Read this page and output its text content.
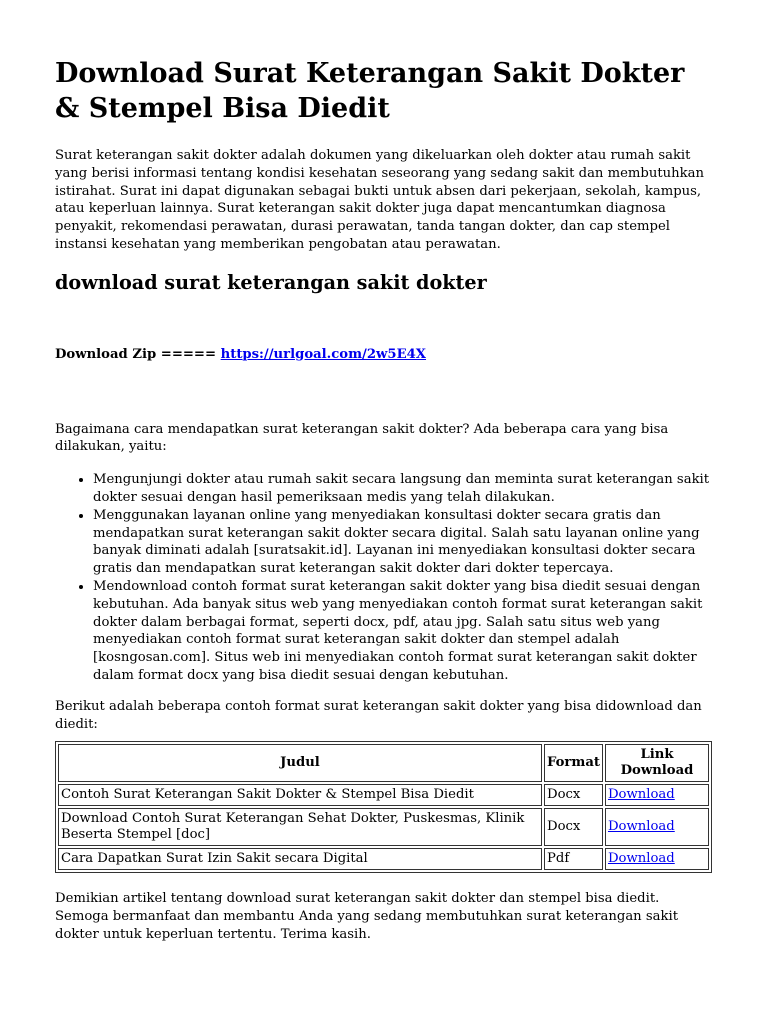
Download Surat Keterangan Sakit Dokter & Stempel Bisa Diedit

Surat keterangan sakit dokter adalah dokumen yang dikeluarkan oleh dokter atau rumah sakit yang berisi informasi tentang kondisi kesehatan seseorang yang sedang sakit dan membutuhkan istirahat. Surat ini dapat digunakan sebagai bukti untuk absen dari pekerjaan, sekolah, kampus, atau keperluan lainnya. Surat keterangan sakit dokter juga dapat mencantumkan diagnosa penyakit, rekomendasi perawatan, durasi perawatan, tanda tangan dokter, dan cap stempel instansi kesehatan yang memberikan pengobatan atau perawatan.

download surat keterangan sakit dokter
Download Zip ===== https://urlgoal.com/2w5E4X

Bagaimana cara mendapatkan surat keterangan sakit dokter? Ada beberapa cara yang bisa dilakukan, yaitu:

• Mengunjungi dokter atau rumah sakit secara langsung dan meminta surat keterangan sakit dokter sesuai dengan hasil pemeriksaan medis yang telah dilakukan.
• Menggunakan layanan online yang menyediakan konsultasi dokter secara gratis dan mendapatkan surat keterangan sakit dokter secara digital. Salah satu layanan online yang banyak diminati adalah [suratsakit.id]. Layanan ini menyediakan konsultasi dokter secara gratis dan mendapatkan surat keterangan sakit dokter dari dokter tepercaya.
• Mendownload contoh format surat keterangan sakit dokter yang bisa diedit sesuai dengan kebutuhan. Ada banyak situs web yang menyediakan contoh format surat keterangan sakit dokter dalam berbagai format, seperti docx, pdf, atau jpg. Salah satu situs web yang menyediakan contoh format surat keterangan sakit dokter dan stempel adalah [kosngosan.com]. Situs web ini menyediakan contoh format surat keterangan sakit dokter dalam format docx yang bisa diedit sesuai dengan kebutuhan.

Berikut adalah beberapa contoh format surat keterangan sakit dokter yang bisa didownload dan diedit:

Judul	Format	Link Download
Contoh Surat Keterangan Sakit Dokter & Stempel Bisa Diedit	Docx	Download
Download Contoh Surat Keterangan Sehat Dokter, Puskesmas, Klinik Beserta Stempel [doc]	Docx	Download
Cara Dapatkan Surat Izin Sakit secara Digital	Pdf	Download

Demikian artikel tentang download surat keterangan sakit dokter dan stempel bisa diedit. Semoga bermanfaat dan membantu Anda yang sedang membutuhkan surat keterangan sakit dokter untuk keperluan tertentu. Terima kasih.
